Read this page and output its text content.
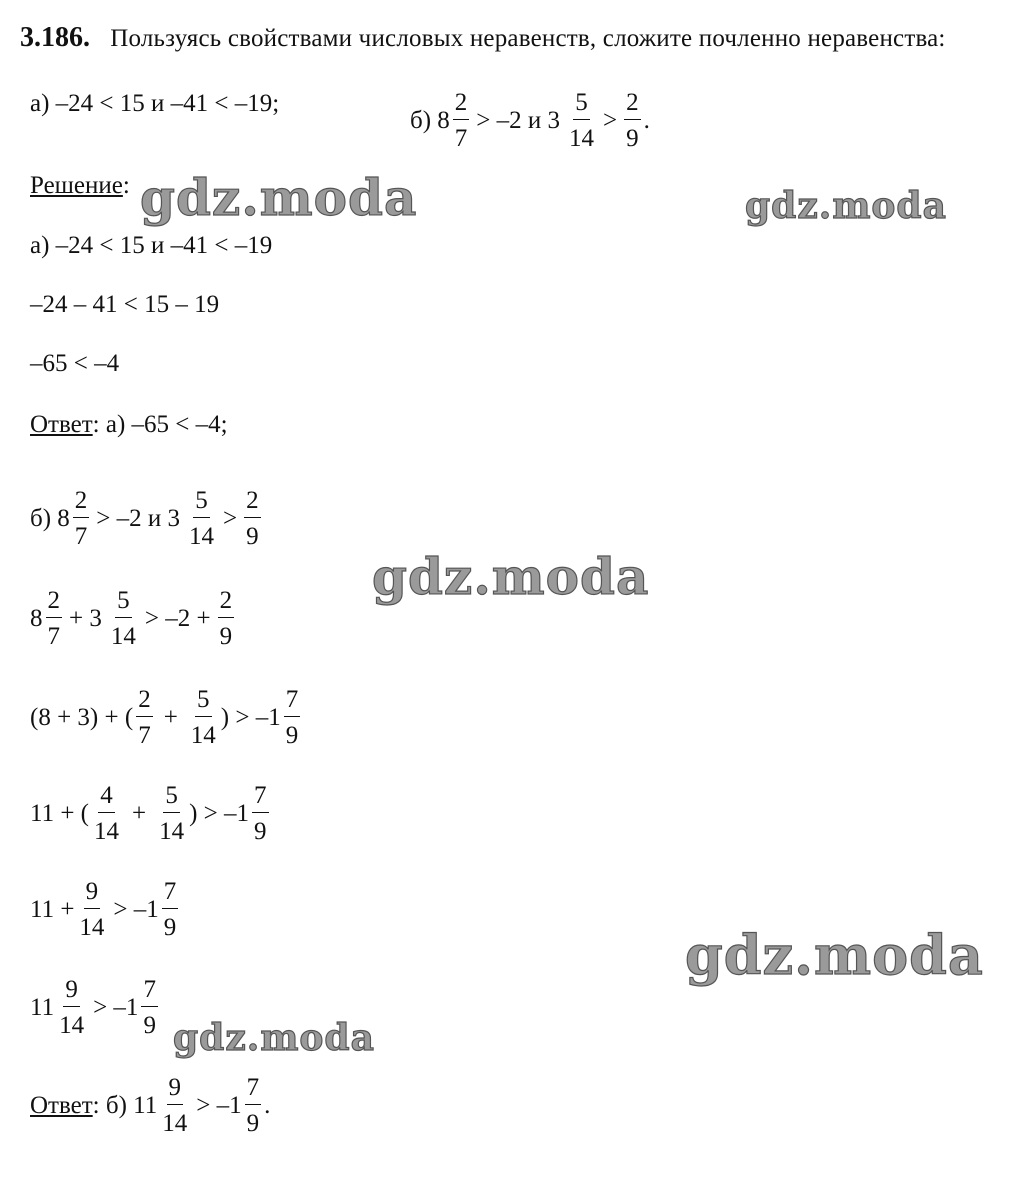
3.186. Пользуясь свойствами числовых неравенств, сложите почленно неравенства:
а) –24 < 15 и –41 < –19;
б) $8 \frac{2}{7} > -2$ и $3 \frac{5}{14} > \frac{2}{9}$ .
Решение :
а) –24 < 15 и –41 < –19
–24 – 41 < 15 – 19
–65 < –4
Ответ : а) –65 < –4;
б) $8 \frac{2}{7} > -2$ и $3 \frac{5}{14} > \frac{2}{9}$
$8 \frac{2}{7} + 3 \frac{5}{14} > -2 + \frac{2}{9}$
(8 + 3) + ( $\frac{2}{7} + \frac{5}{14}$ ) > $-1 \frac{7}{9}$
11 + ( $\frac{4}{14} + \frac{5}{14}$ ) > $-1 \frac{7}{9}$
$11 + \frac{9}{14} > -1 \frac{7}{9}$
$11 \frac{9}{14} > -1 \frac{7}{9}$
Ответ : б) $11 \frac{9}{14} > -1 \frac{7}{9}$ .
gdz.moda	gdz.moda
gdz.moda
gdz.moda
gdz.moda
